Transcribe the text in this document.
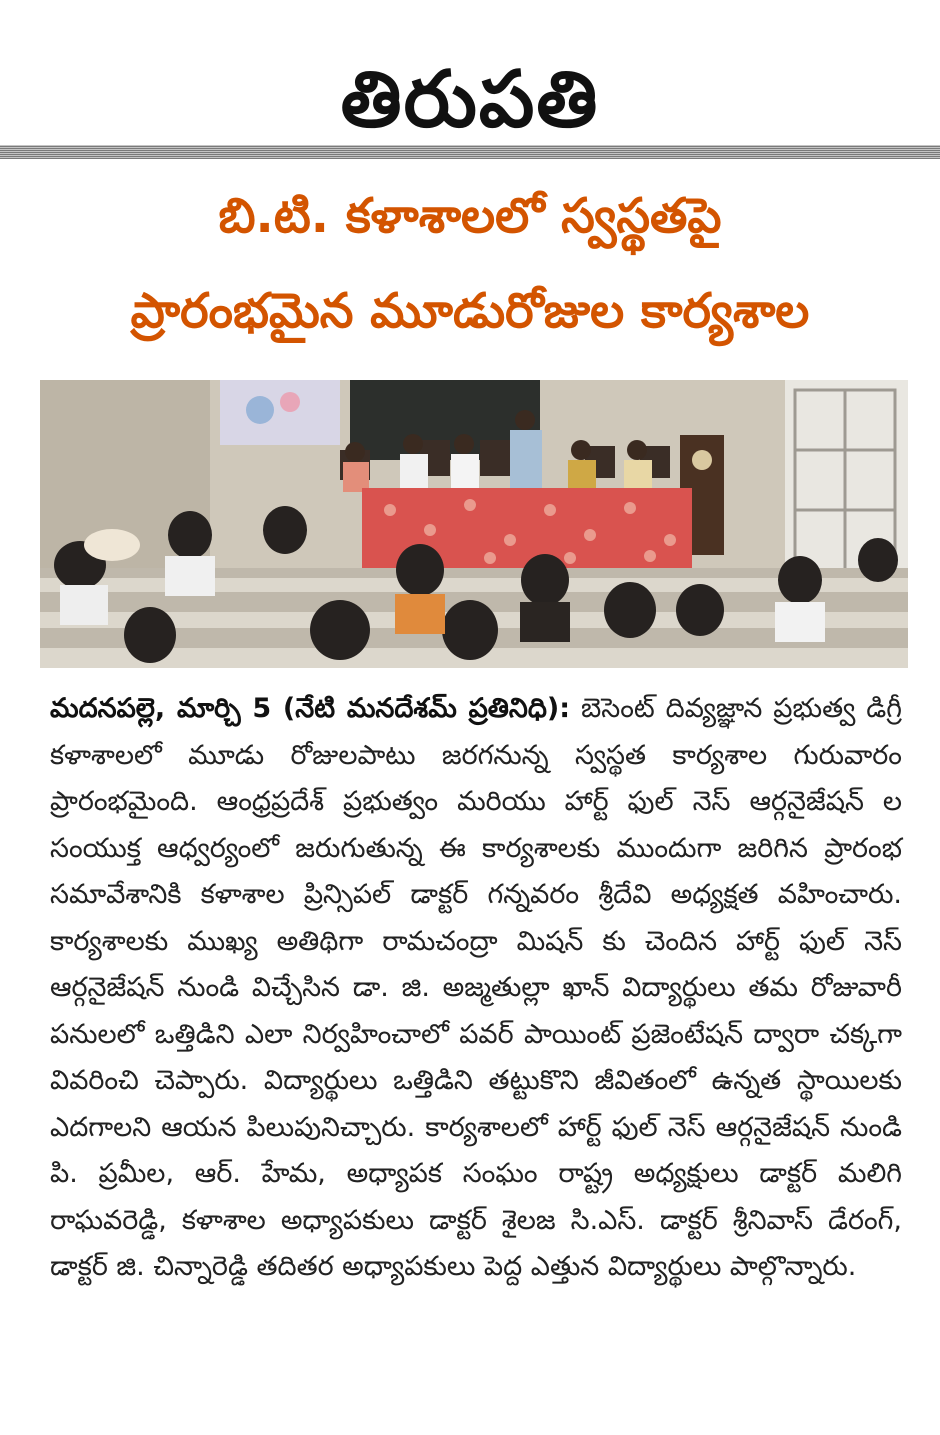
తిరుపతి
బి.టి. కళాశాలలో స్వస్థతపై
ప్రారంభమైన మూడురోజుల కార్యశాల

మదనపల్లె, మార్చి 5 (నేటి మనదేశమ్ ప్రతినిధి): బెసెంట్ దివ్యజ్ఞాన ప్రభుత్వ డిగ్రీ కళాశాలలో మూడు రోజులపాటు జరగనున్న స్వస్థత కార్యశాల గురువారం ప్రారంభమైంది. ఆంధ్రప్రదేశ్ ప్రభుత్వం మరియు హార్ట్ ఫుల్ నెస్ ఆర్గనైజేషన్ ల సంయుక్త ఆధ్వర్యంలో జరుగుతున్న ఈ కార్యశాలకు ముందుగా జరిగిన ప్రారంభ సమావేశానికి కళాశాల ప్రిన్సిపల్ డాక్టర్ గన్నవరం శ్రీదేవి అధ్యక్షత వహించారు. కార్యశాలకు ముఖ్య అతిథిగా రామచంద్రా మిషన్ కు చెందిన హార్ట్ ఫుల్ నెస్ ఆర్గనైజేషన్ నుండి విచ్చేసిన డా. జి. అజ్మతుల్లా ఖాన్ విద్యార్థులు తమ రోజువారీ పనులలో ఒత్తిడిని ఎలా నిర్వహించాలో పవర్ పాయింట్ ప్రజెంటేషన్ ద్వారా చక్కగా వివరించి చెప్పారు. విద్యార్థులు ఒత్తిడిని తట్టుకొని జీవితంలో ఉన్నత స్థాయిలకు ఎదగాలని ఆయన పిలుపునిచ్చారు. కార్యశాలలో హార్ట్ ఫుల్ నెస్ ఆర్గనైజేషన్ నుండి పి. ప్రమీల, ఆర్. హేమ, అధ్యాపక సంఘం రాష్ట్ర అధ్యక్షులు డాక్టర్ మలిగి రాఘవరెడ్డి, కళాశాల అధ్యాపకులు డాక్టర్ శైలజ సి.ఎస్. డాక్టర్ శ్రీనివాస్ డేరంగ్, డాక్టర్ జి. చిన్నారెడ్డి తదితర అధ్యాపకులు పెద్ద ఎత్తున విద్యార్థులు పాల్గొన్నారు.
